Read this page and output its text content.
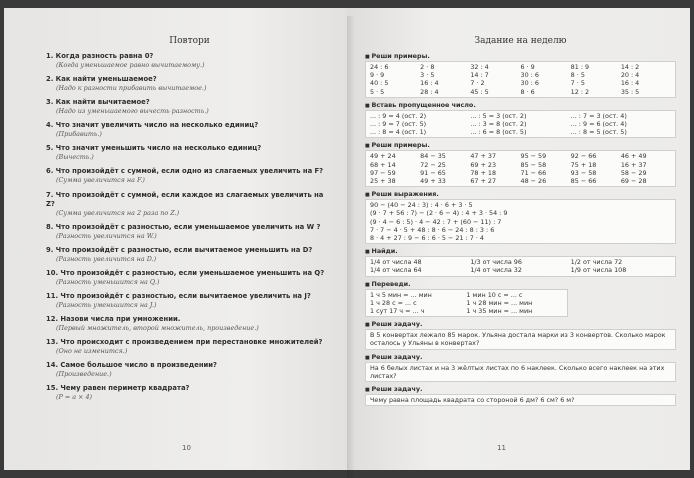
Повтори
1. Когда разность равна 0?
(Когда уменьшаемое равно вычитаемому.)
2. Как найти уменьшаемое?
(Надо к разности прибавить вычитаемое.)
3. Как найти вычитаемое?
(Надо из уменьшаемого вычесть разность.)
4. Что значит увеличить число на несколько единиц?
(Прибавить.)
5. Что значит уменьшить число на несколько единиц?
(Вычесть.)
6. Что произойдёт с суммой, если одно из слагаемых увеличить на F?
(Сумма увеличится на F.)
7. Что произойдёт с суммой, если каждое из слагаемых увеличить на Z?
(Сумма увеличится на 2 раза по Z.)
8. Что произойдёт с разностью, если уменьшаемое увеличить на W ?
(Разность увеличится на W.)
9. Что произойдёт с разностью, если вычитаемое уменьшить на D?
(Разность увеличится на D.)
10. Что произойдёт с разностью, если уменьшаемое уменьшить на Q?
(Разность уменьшится на Q.)
11. Что произойдёт с разностью, если вычитаемое увеличить на J?
(Разность уменьшится на J.)
12. Назови числа при умножении.
(Первый множитель, второй множитель, произведение.)
13. Что происходит с произведением при перестановке множителей?
(Оно не изменится.)
14. Самое большое число в произведении?
(Произведение.)
15. Чему равен периметр квадрата?
(P = a × 4)
10
Задание на неделю
■ Реши примеры.
24 : 6	2 · 8	32 : 4	6 · 9	81 : 9	14 : 2
9 · 9	3 · 5	14 : 7	30 : 6	8 · 5	20 : 4
40 : 5	16 : 4	7 · 2	30 : 6	7 · 5	16 : 4
5 · 5	28 : 4	45 : 5	8 · 6	12 : 2	35 : 5
■ Вставь пропущенное число.
... : 9 = 4 (ост. 2)	... : 5 = 3 (ост. 2)	... : 7 = 3 (ост. 4)
... : 9 = 7 (ост. 5)	... : 3 = 8 (ост. 2)	... : 9 = 6 (ост. 4)
... : 8 = 4 (ост. 1)	... : 6 = 8 (ост. 5)	... : 8 = 5 (ост. 5)
■ Реши примеры.
49 + 24	84 − 35	47 + 37	95 − 59	92 − 66	46 + 49
68 + 14	72 − 25	69 + 23	85 − 58	75 + 18	16 + 37
97 − 59	91 − 65	78 + 18	71 − 66	93 − 58	58 − 29
25 + 38	49 + 33	67 + 27	48 − 26	85 − 66	69 − 28
■ Реши выражения.
90 − (40 − 24 : 3) : 4 · 6 + 3 · 5
(9 · 7 + 56 : 7) − (2 · 6 − 4) : 4 + 3 · 54 : 9
(9 · 4 − 6 : 5) · 4 − 42 : 7 + (60 − 11) : 7
7 · 7 − 4 · 5 + 48 : 8 · 6 − 24 : 8 : 3 : 6
8 · 4 + 27 : 9 − 6 : 6 · 5 − 21 : 7 · 4
■ Найди.
1/4 от числа 48	1/3 от числа 96	1/2 от числа 72
1/4 от числа 64	1/4 от числа 32	1/9 от числа 108
■ Переведи.
1 ч 5 мин = ... мин	1 мин 10 с = ... с
1 ч 28 с = ... с	1 ч 28 мин = ... мин
1 сут 17 ч = ... ч	1 ч 35 мин = ... мин
■ Реши задачу.
В 5 конвертах лежало 85 марок. Ульяна достала марки из 3 конвертов. Сколько марок осталось у Ульяны в конвертах?
■ Реши задачу.
На 6 белых листах и на 3 жёлтых листах по 6 наклеек. Сколько всего наклеек на этих листах?
■ Реши задачу.
Чему равна площадь квадрата со стороной 6 дм? 6 см? 6 м?
11
